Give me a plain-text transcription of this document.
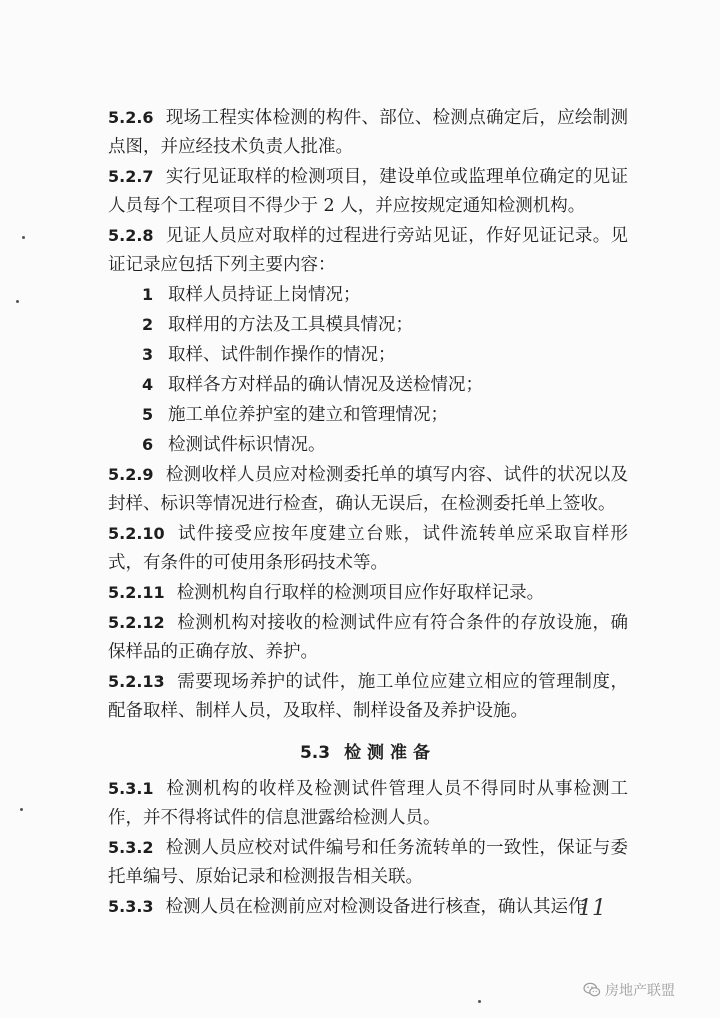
5.2.6 现场工程实体检测的构件、部位、检测点确定后，应绘制测点图，并应经技术负责人批准。

5.2.7 实行见证取样的检测项目，建设单位或监理单位确定的见证人员每个工程项目不得少于 2 人，并应按规定通知检测机构。

5.2.8 见证人员应对取样的过程进行旁站见证，作好见证记录。见证记录应包括下列主要内容：

1 取样人员持证上岗情况；

2 取样用的方法及工具模具情况；

3 取样、试件制作操作的情况；

4 取样各方对样品的确认情况及送检情况；

5 施工单位养护室的建立和管理情况；

6 检测试件标识情况。

5.2.9 检测收样人员应对检测委托单的填写内容、试件的状况以及封样、标识等情况进行检查，确认无误后，在检测委托单上签收。

5.2.10 试件接受应按年度建立台账，试件流转单应采取盲样形式，有条件的可使用条形码技术等。

5.2.11 检测机构自行取样的检测项目应作好取样记录。

5.2.12 检测机构对接收的检测试件应有符合条件的存放设施，确保样品的正确存放、养护。

5.2.13 需要现场养护的试件，施工单位应建立相应的管理制度，配备取样、制样人员，及取样、制样设备及养护设施。

5.3 检测准备

5.3.1 检测机构的收样及检测试件管理人员不得同时从事检测工作，并不得将试件的信息泄露给检测人员。

5.3.2 检测人员应校对试件编号和任务流转单的一致性，保证与委托单编号、原始记录和检测报告相关联。

5.3.3 检测人员在检测前应对检测设备进行核查，确认其运作

11
房地产联盟
